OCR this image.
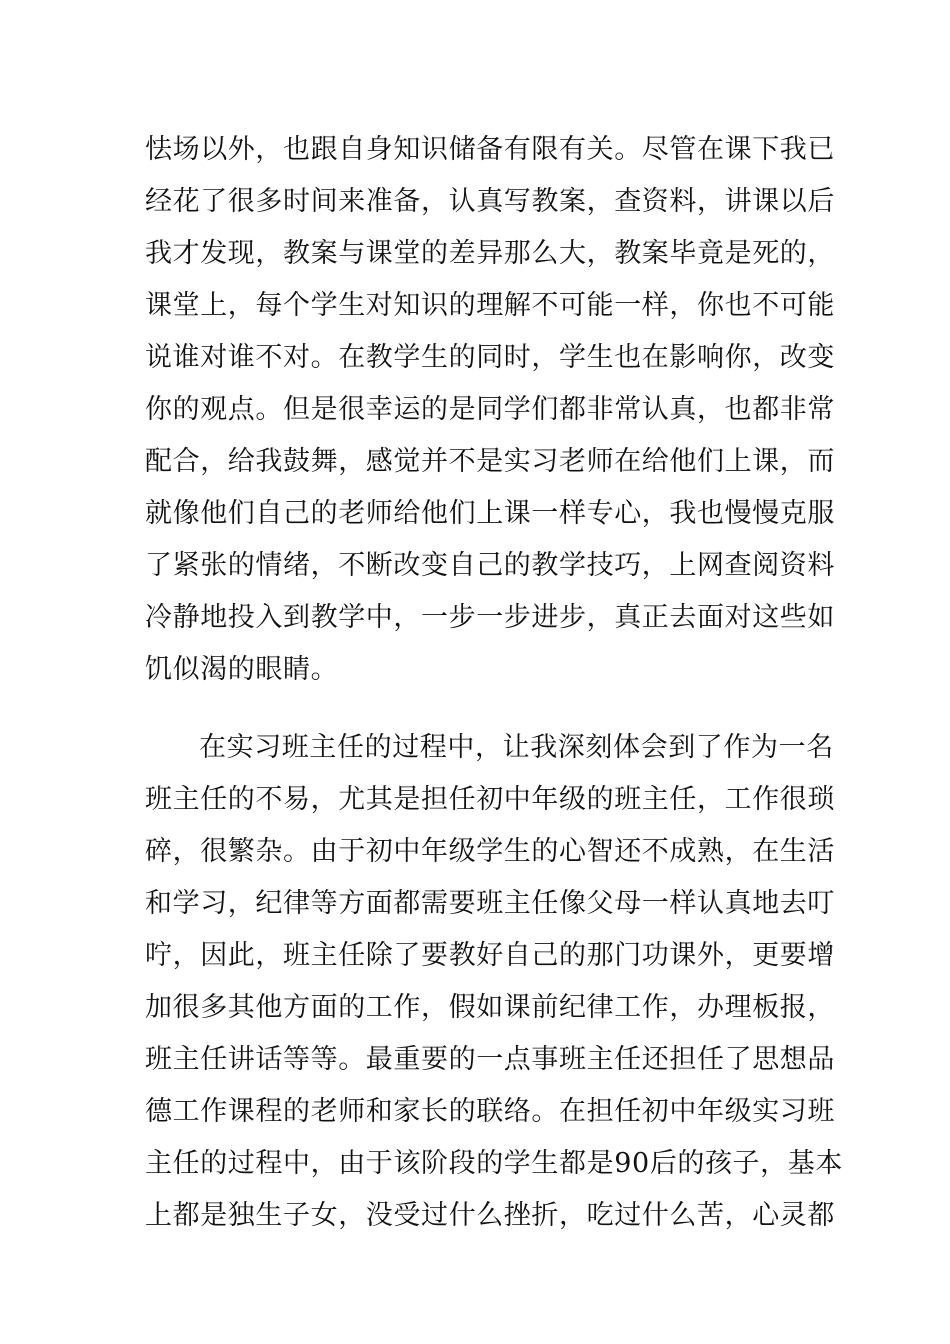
怯场以外，也跟自身知识储备有限有关。尽管在课下我已
经花了很多时间来准备，认真写教案，查资料，讲课以后
我才发现，教案与课堂的差异那么大，教案毕竟是死的，
课堂上，每个学生对知识的理解不可能一样，你也不可能
说谁对谁不对。在教学生的同时，学生也在影响你，改变
你的观点。但是很幸运的是同学们都非常认真，也都非常
配合，给我鼓舞，感觉并不是实习老师在给他们上课，而
就像他们自己的老师给他们上课一样专心，我也慢慢克服
了紧张的情绪，不断改变自己的教学技巧，上网查阅资料
冷静地投入到教学中，一步一步进步，真正去面对这些如
饥似渴的眼睛。
在实习班主任的过程中，让我深刻体会到了作为一名
班主任的不易，尤其是担任初中年级的班主任，工作很琐
碎，很繁杂。由于初中年级学生的心智还不成熟，在生活
和学习，纪律等方面都需要班主任像父母一样认真地去叮
咛，因此，班主任除了要教好自己的那门功课外，更要增
加很多其他方面的工作，假如课前纪律工作，办理板报，
班主任讲话等等。最重要的一点事班主任还担任了思想品
德工作课程的老师和家长的联络。在担任初中年级实习班
主任的过程中，由于该阶段的学生都是90后的孩子，基本
上都是独生子女，没受过什么挫折，吃过什么苦，心灵都
